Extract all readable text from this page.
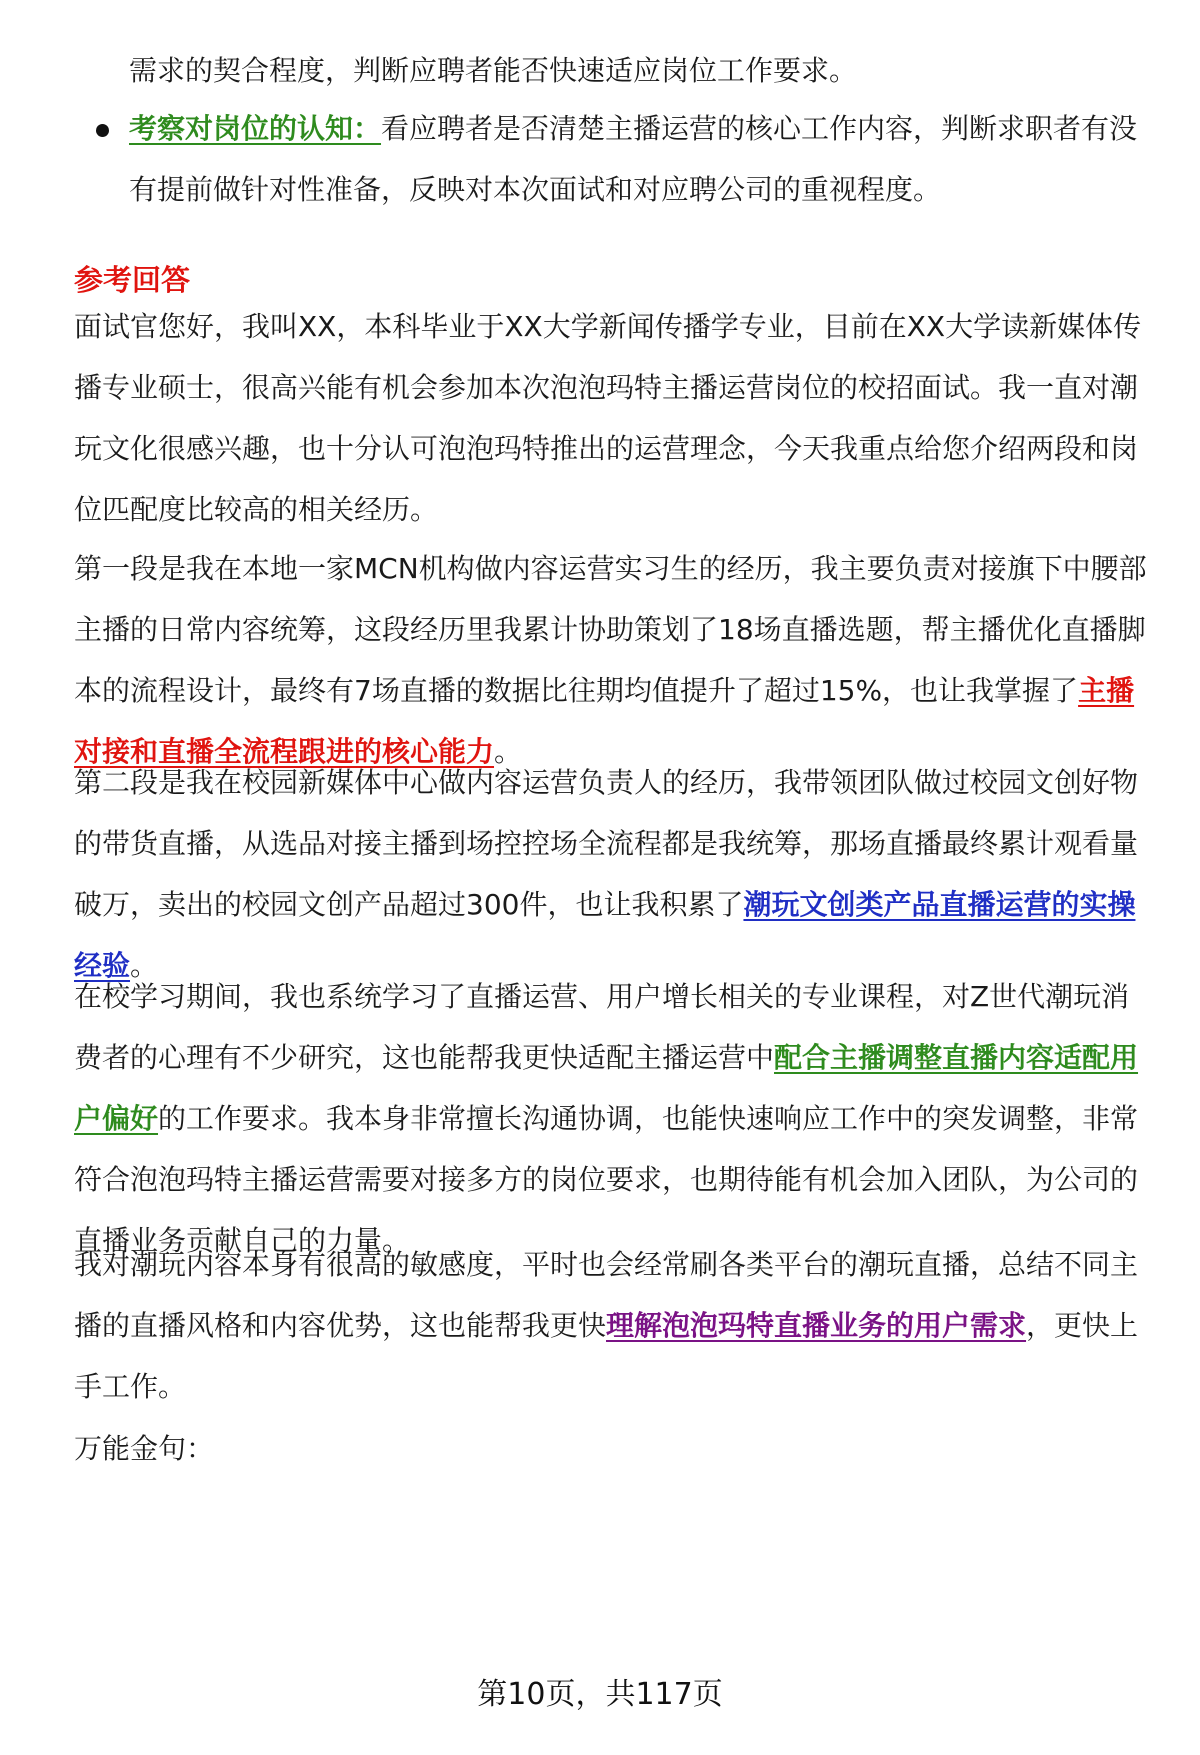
需求的契合程度，判断应聘者能否快速适应岗位工作要求。

考察对岗位的认知：看应聘者是否清楚主播运营的核心工作内容，判断求职者有没有提前做针对性准备，反映对本次面试和对应聘公司的重视程度。
参考回答

面试官您好，我叫XX，本科毕业于XX大学新闻传播学专业，目前在XX大学读新媒体传播专业硕士，很高兴能有机会参加本次泡泡玛特主播运营岗位的校招面试。我一直对潮玩文化很感兴趣，也十分认可泡泡玛特推出的运营理念，今天我重点给您介绍两段和岗位匹配度比较高的相关经历。

第一段是我在本地一家MCN机构做内容运营实习生的经历，我主要负责对接旗下中腰部主播的日常内容统筹，这段经历里我累计协助策划了18场直播选题，帮主播优化直播脚本的流程设计，最终有7场直播的数据比往期均值提升了超过15%，也让我掌握了主播对接和直播全流程跟进的核心能力。

第二段是我在校园新媒体中心做内容运营负责人的经历，我带领团队做过校园文创好物的带货直播，从选品对接主播到场控控场全流程都是我统筹，那场直播最终累计观看量破万，卖出的校园文创产品超过300件，也让我积累了潮玩文创类产品直播运营的实操经验。

在校学习期间，我也系统学习了直播运营、用户增长相关的专业课程，对Z世代潮玩消费者的心理有不少研究，这也能帮我更快适配主播运营中配合主播调整直播内容适配用户偏好的工作要求。我本身非常擅长沟通协调，也能快速响应工作中的突发调整，非常符合泡泡玛特主播运营需要对接多方的岗位要求，也期待能有机会加入团队，为公司的直播业务贡献自己的力量。

我对潮玩内容本身有很高的敏感度，平时也会经常刷各类平台的潮玩直播，总结不同主播的直播风格和内容优势，这也能帮我更快理解泡泡玛特直播业务的用户需求，更快上手工作。

万能金句：

第10页，共117页
